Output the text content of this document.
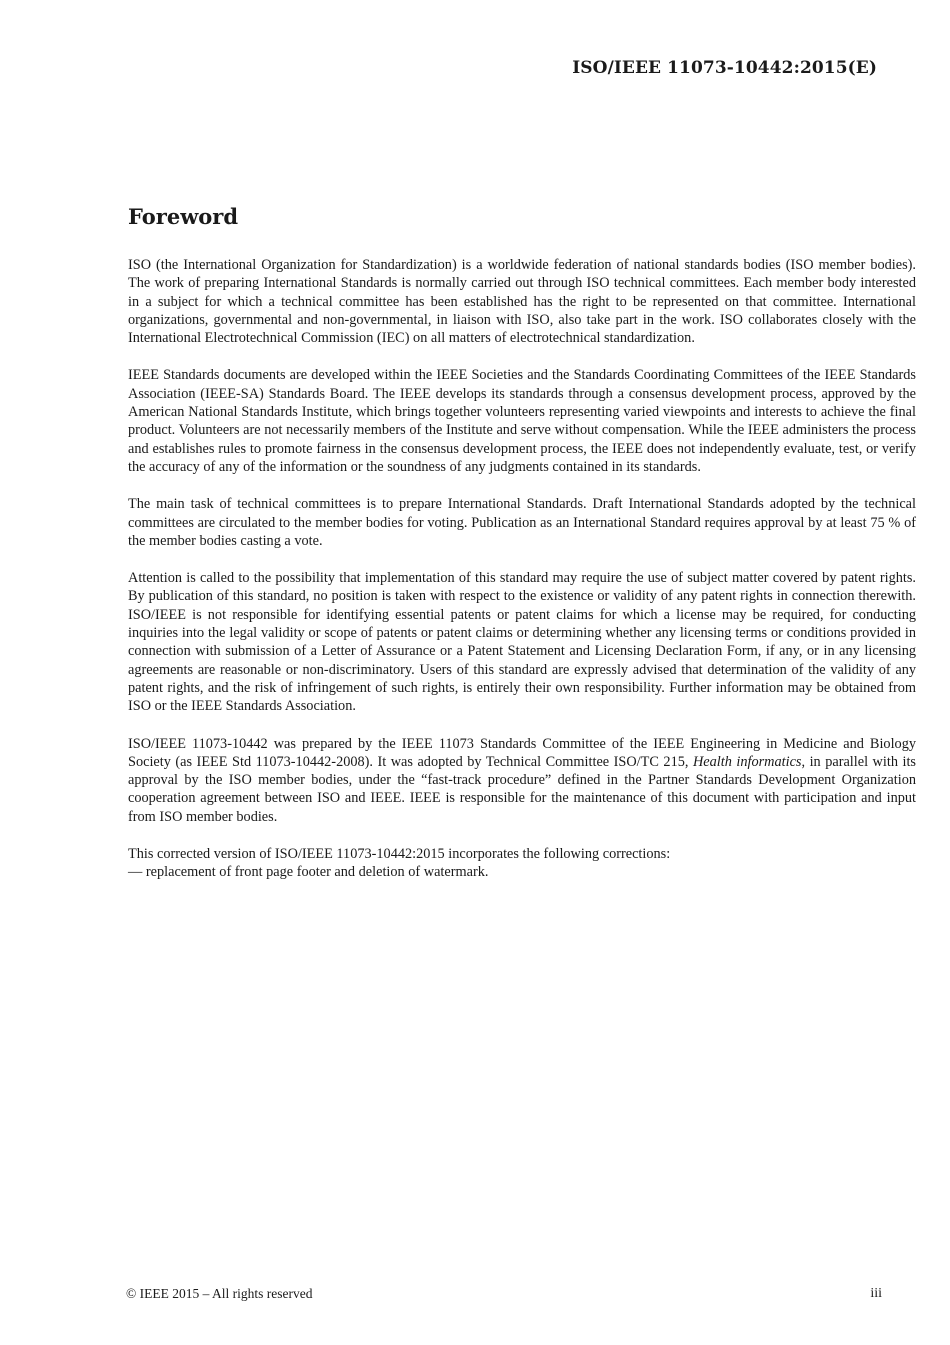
ISO/IEEE 11073-10442:2015(E)

Foreword

ISO (the International Organization for Standardization) is a worldwide federation of national standards bodies (ISO member bodies). The work of preparing International Standards is normally carried out through ISO technical committees. Each member body interested in a subject for which a technical committee has been established has the right to be represented on that committee. International organizations, governmental and non-governmental, in liaison with ISO, also take part in the work. ISO collaborates closely with the International Electrotechnical Commission (IEC) on all matters of electrotechnical standardization.

IEEE Standards documents are developed within the IEEE Societies and the Standards Coordinating Committees of the IEEE Standards Association (IEEE-SA) Standards Board. The IEEE develops its standards through a consensus development process, approved by the American National Standards Institute, which brings together volunteers representing varied viewpoints and interests to achieve the final product. Volunteers are not necessarily members of the Institute and serve without compensation. While the IEEE administers the process and establishes rules to promote fairness in the consensus development process, the IEEE does not independently evaluate, test, or verify the accuracy of any of the information or the soundness of any judgments contained in its standards.

The main task of technical committees is to prepare International Standards. Draft International Standards adopted by the technical committees are circulated to the member bodies for voting. Publication as an International Standard requires approval by at least 75 % of the member bodies casting a vote.

Attention is called to the possibility that implementation of this standard may require the use of subject matter covered by patent rights. By publication of this standard, no position is taken with respect to the existence or validity of any patent rights in connection therewith. ISO/IEEE is not responsible for identifying essential patents or patent claims for which a license may be required, for conducting inquiries into the legal validity or scope of patents or patent claims or determining whether any licensing terms or conditions provided in connection with submission of a Letter of Assurance or a Patent Statement and Licensing Declaration Form, if any, or in any licensing agreements are reasonable or non-discriminatory. Users of this standard are expressly advised that determination of the validity of any patent rights, and the risk of infringement of such rights, is entirely their own responsibility. Further information may be obtained from ISO or the IEEE Standards Association.

ISO/IEEE 11073-10442 was prepared by the IEEE 11073 Standards Committee of the IEEE Engineering in Medicine and Biology Society (as IEEE Std 11073-10442-2008). It was adopted by Technical Committee ISO/TC 215, Health informatics, in parallel with its approval by the ISO member bodies, under the “fast-track procedure” defined in the Partner Standards Development Organization cooperation agreement between ISO and IEEE. IEEE is responsible for the maintenance of this document with participation and input from ISO member bodies.

This corrected version of ISO/IEEE 11073-10442:2015 incorporates the following corrections:
— replacement of front page footer and deletion of watermark.
© IEEE 2015 – All rights reserved	iii
